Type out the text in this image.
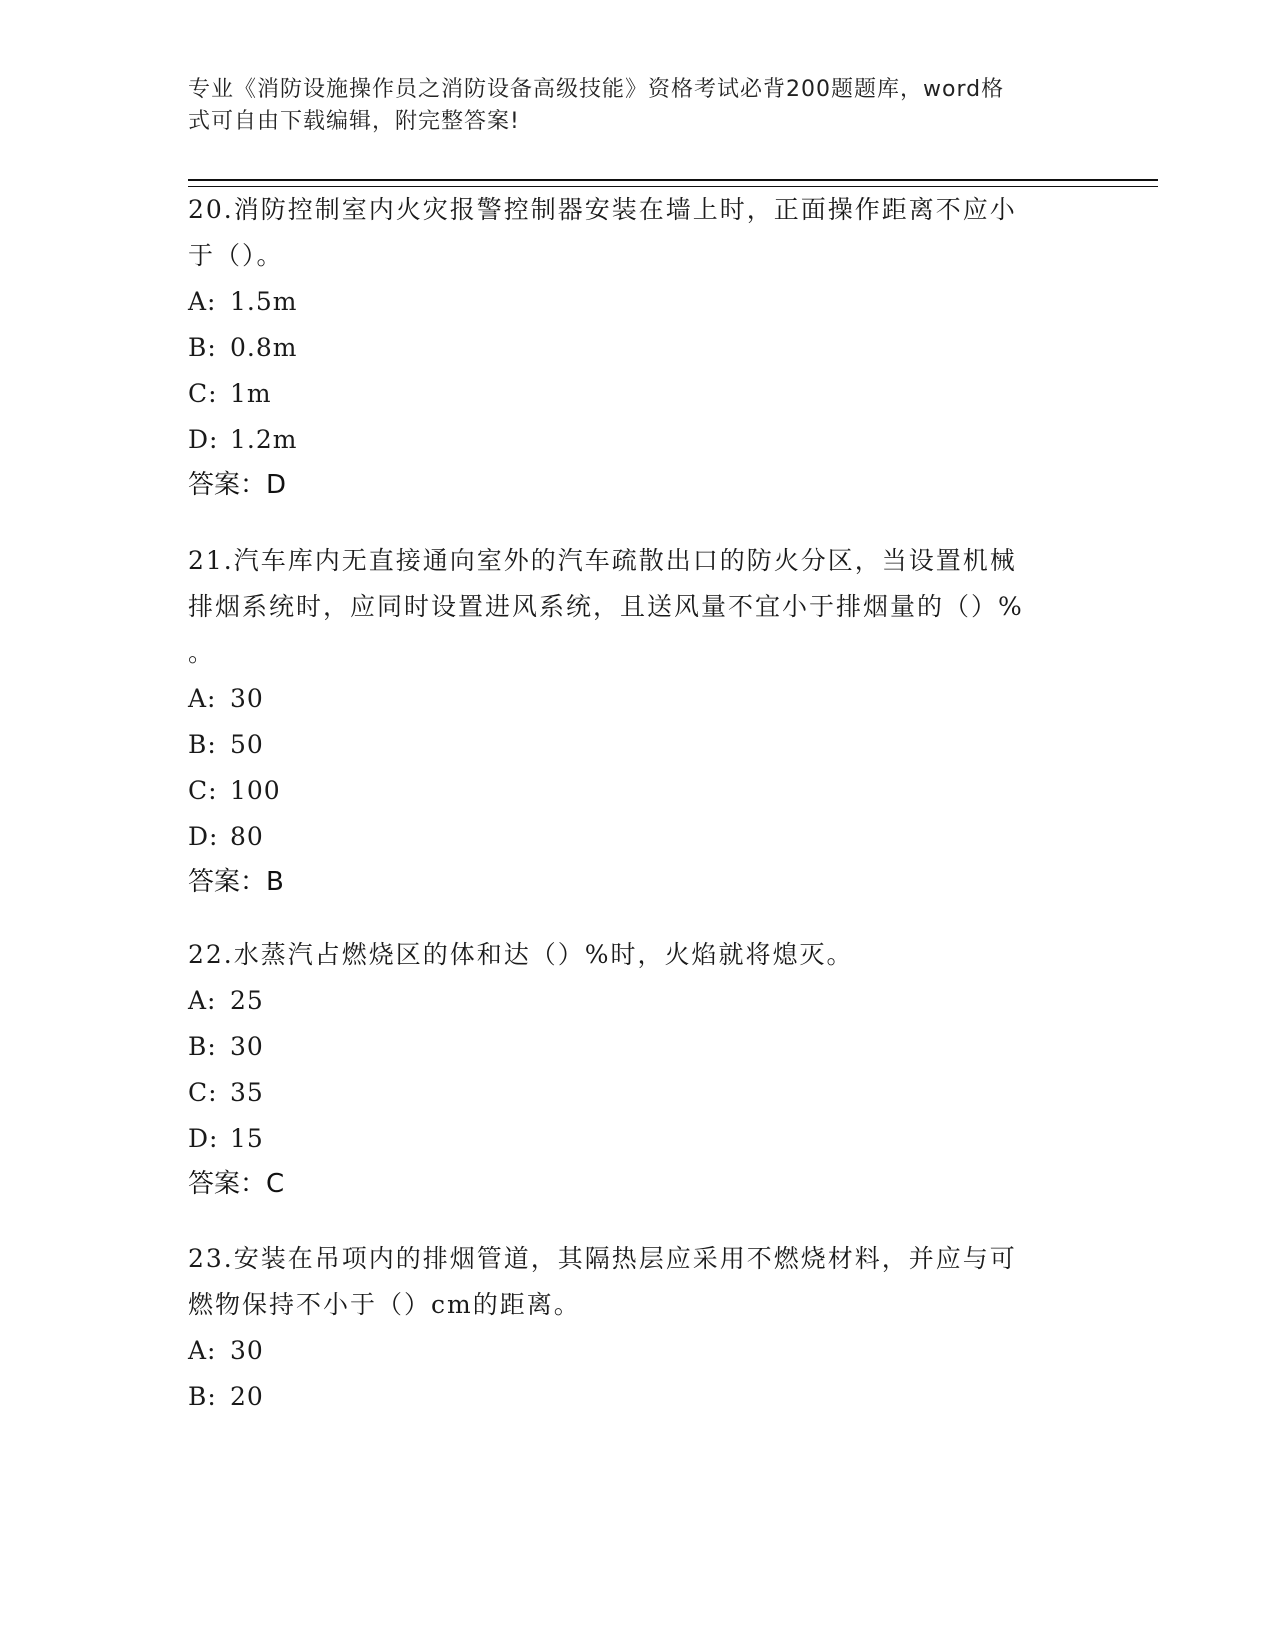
专业《消防设施操作员之消防设备高级技能》资格考试必背200题题库，word格
式可自由下载编辑，附完整答案!

20.消防控制室内火灾报警控制器安装在墙上时，正面操作距离不应小

于（）。

A: 1.5m

B: 0.8m

C: 1m

D: 1.2m

答案：D

21.汽车库内无直接通向室外的汽车疏散出口的防火分区，当设置机械

排烟系统时，应同时设置进风系统，且送风量不宜小于排烟量的（）%

。

A: 30

B: 50

C: 100

D: 80

答案：B

22.水蒸汽占燃烧区的体和达（）%时，火焰就将熄灭。

A: 25

B: 30

C: 35

D: 15

答案：C

23.安装在吊项内的排烟管道，其隔热层应采用不燃烧材料，并应与可

燃物保持不小于（）cm的距离。

A: 30

B: 20
